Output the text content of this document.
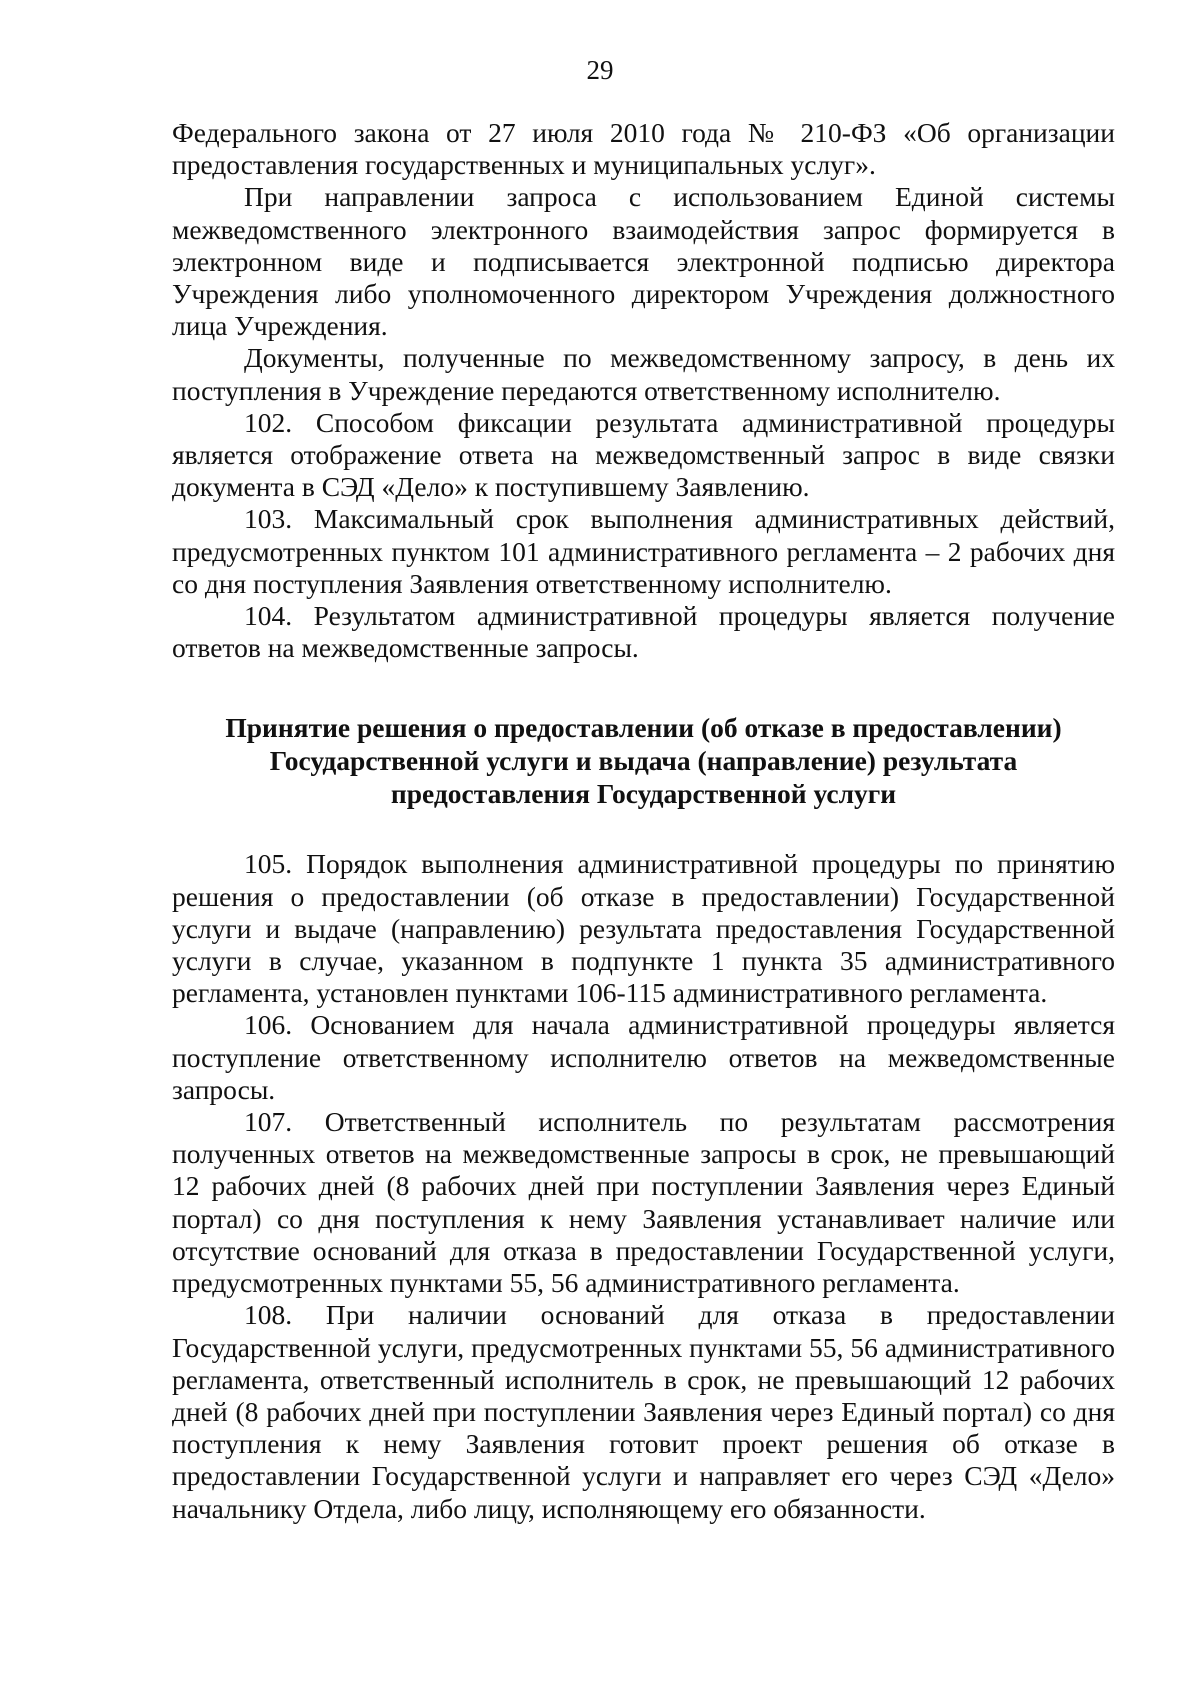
29

Федерального закона от 27 июля 2010 года № 210-ФЗ «Об организации предоставления государственных и муниципальных услуг».

При направлении запроса с использованием Единой системы межведомственного электронного взаимодействия запрос формируется в электронном виде и подписывается электронной подписью директора Учреждения либо уполномоченного директором Учреждения должностного лица Учреждения.

Документы, полученные по межведомственному запросу, в день их поступления в Учреждение передаются ответственному исполнителю.

102. Способом фиксации результата административной процедуры является отображение ответа на межведомственный запрос в виде связки документа в СЭД «Дело» к поступившему Заявлению.

103. Максимальный срок выполнения административных действий, предусмотренных пунктом 101 административного регламента – 2 рабочих дня со дня поступления Заявления ответственному исполнителю.

104. Результатом административной процедуры является получение ответов на межведомственные запросы.

Принятие решения о предоставлении (об отказе в предоставлении)
Государственной услуги и выдача (направление) результата
предоставления Государственной услуги

105. Порядок выполнения административной процедуры по принятию решения о предоставлении (об отказе в предоставлении) Государственной услуги и выдаче (направлению) результата предоставления Государственной услуги в случае, указанном в подпункте 1 пункта 35 административного регламента, установлен пунктами 106-115 административного регламента.

106. Основанием для начала административной процедуры является поступление ответственному исполнителю ответов на межведомственные запросы.

107. Ответственный исполнитель по результатам рассмотрения полученных ответов на межведомственные запросы в срок, не превышающий 12 рабочих дней (8 рабочих дней при поступлении Заявления через Единый портал) со дня поступления к нему Заявления устанавливает наличие или отсутствие оснований для отказа в предоставлении Государственной услуги, предусмотренных пунктами 55, 56 административного регламента.

108. При наличии оснований для отказа в предоставлении Государственной услуги, предусмотренных пунктами 55, 56 административного регламента, ответственный исполнитель в срок, не превышающий 12 рабочих дней (8 рабочих дней при поступлении Заявления через Единый портал) со дня поступления к нему Заявления готовит проект решения об отказе в предоставлении Государственной услуги и направляет его через СЭД «Дело» начальнику Отдела, либо лицу, исполняющему его обязанности.
